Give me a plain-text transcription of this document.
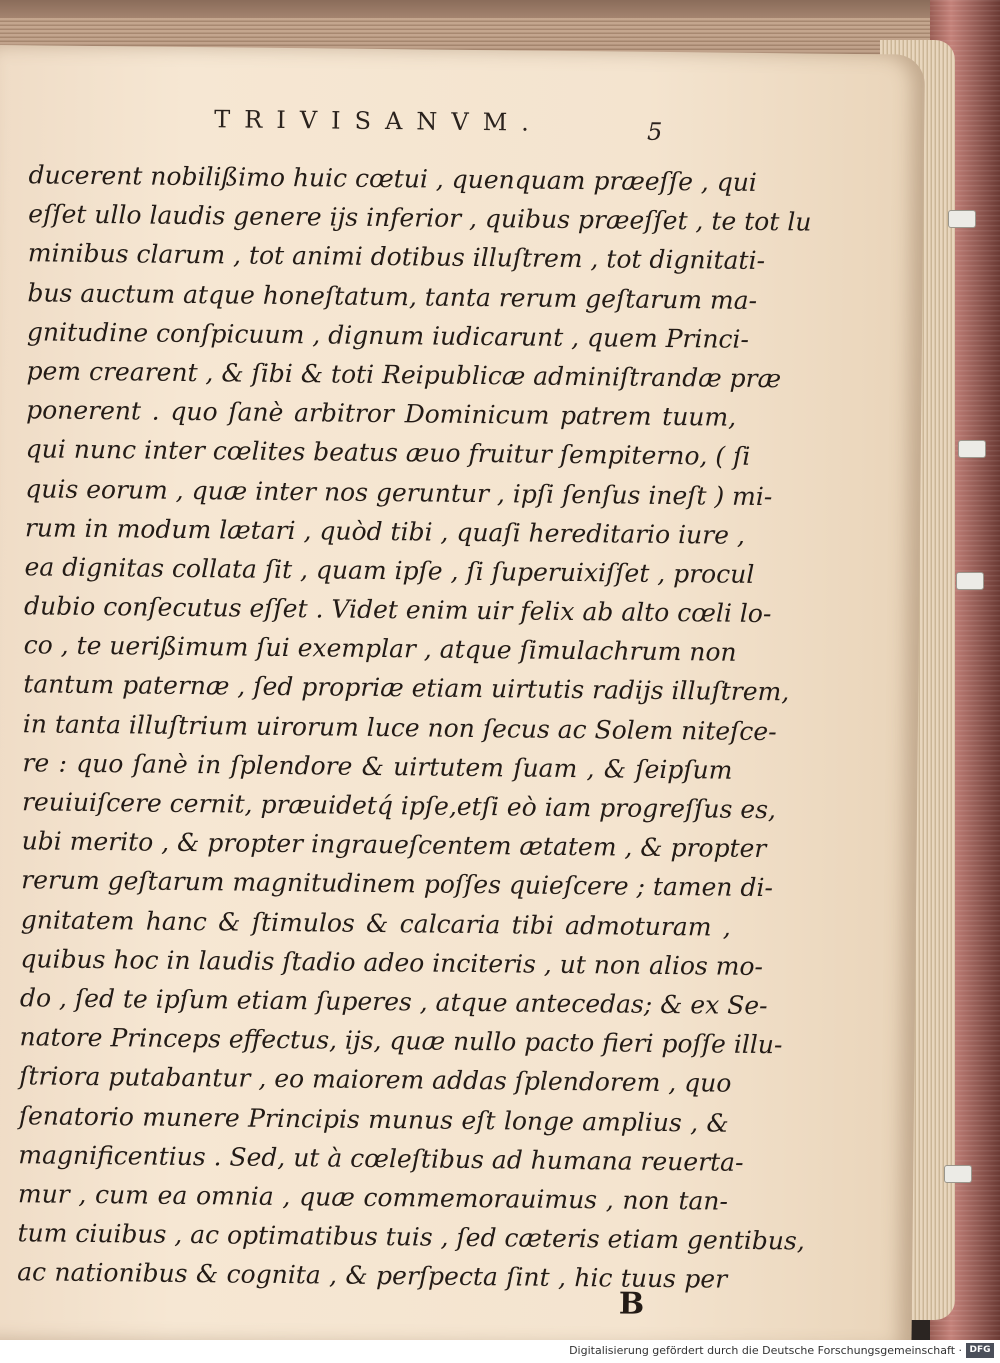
TRIVISANVM.	5
ducerent nobilißimo huic cœtui , quenquam præeſſe , qui
eſſet ullo laudis genere ijs inferior , quibus præeſſet , te tot lu
minibus clarum , tot animi dotibus illuſtrem , tot dignitati-
bus auctum atque honeſtatum, tanta rerum geſtarum ma-
gnitudine conſpicuum , dignum iudicarunt , quem Princi-
pem crearent , & ſibi & toti Reipublicæ adminiſtrandæ præ
ponerent . quo ſanè arbitror Dominicum patrem tuum,
qui nunc inter cœlites beatus æuo fruitur ſempiterno, ( ſi
quis eorum , quæ inter nos geruntur , ipſi ſenſus ineſt ) mi-
rum in modum lætari , quòd tibi , quaſi hereditario iure ,
ea dignitas collata ſit , quam ipſe , ſi ſuperuixiſſet , procul
dubio conſecutus eſſet . Videt enim uir felix ab alto cœli lo-
co , te uerißimum ſui exemplar , atque ſimulachrum non
tantum paternæ , ſed propriæ etiam uirtutis radijs illuſtrem,
in tanta illuſtrium uirorum luce non ſecus ac Solem niteſce-
re : quo ſanè in ſplendore & uirtutem ſuam , & ſeipſum
reuiuiſcere cernit, præuidetq́ ipſe,etſi eò iam progreſſus es,
ubi merito , & propter ingraueſcentem ætatem , & propter
rerum geſtarum magnitudinem poſſes quieſcere ; tamen di-
gnitatem hanc & ſtimulos & calcaria tibi admoturam ,
quibus hoc in laudis ſtadio adeo inciteris , ut non alios mo-
do , ſed te ipſum etiam ſuperes , atque antecedas; & ex Se-
natore Princeps effectus, ijs, quæ nullo pacto fieri poſſe illu-
ſtriora putabantur , eo maiorem addas ſplendorem , quo
ſenatorio munere Principis munus eſt longe amplius , &
magnificentius . Sed, ut à cœleſtibus ad humana reuerta-
mur , cum ea omnia , quæ commemorauimus , non tan-
tum ciuibus , ac optimatibus tuis , ſed cæteris etiam gentibus,
ac nationibus & cognita , & perſpecta ſint , hic tuus per
B
Digitalisierung gefördert durch die Deutsche Forschungsgemeinschaft · DFG
